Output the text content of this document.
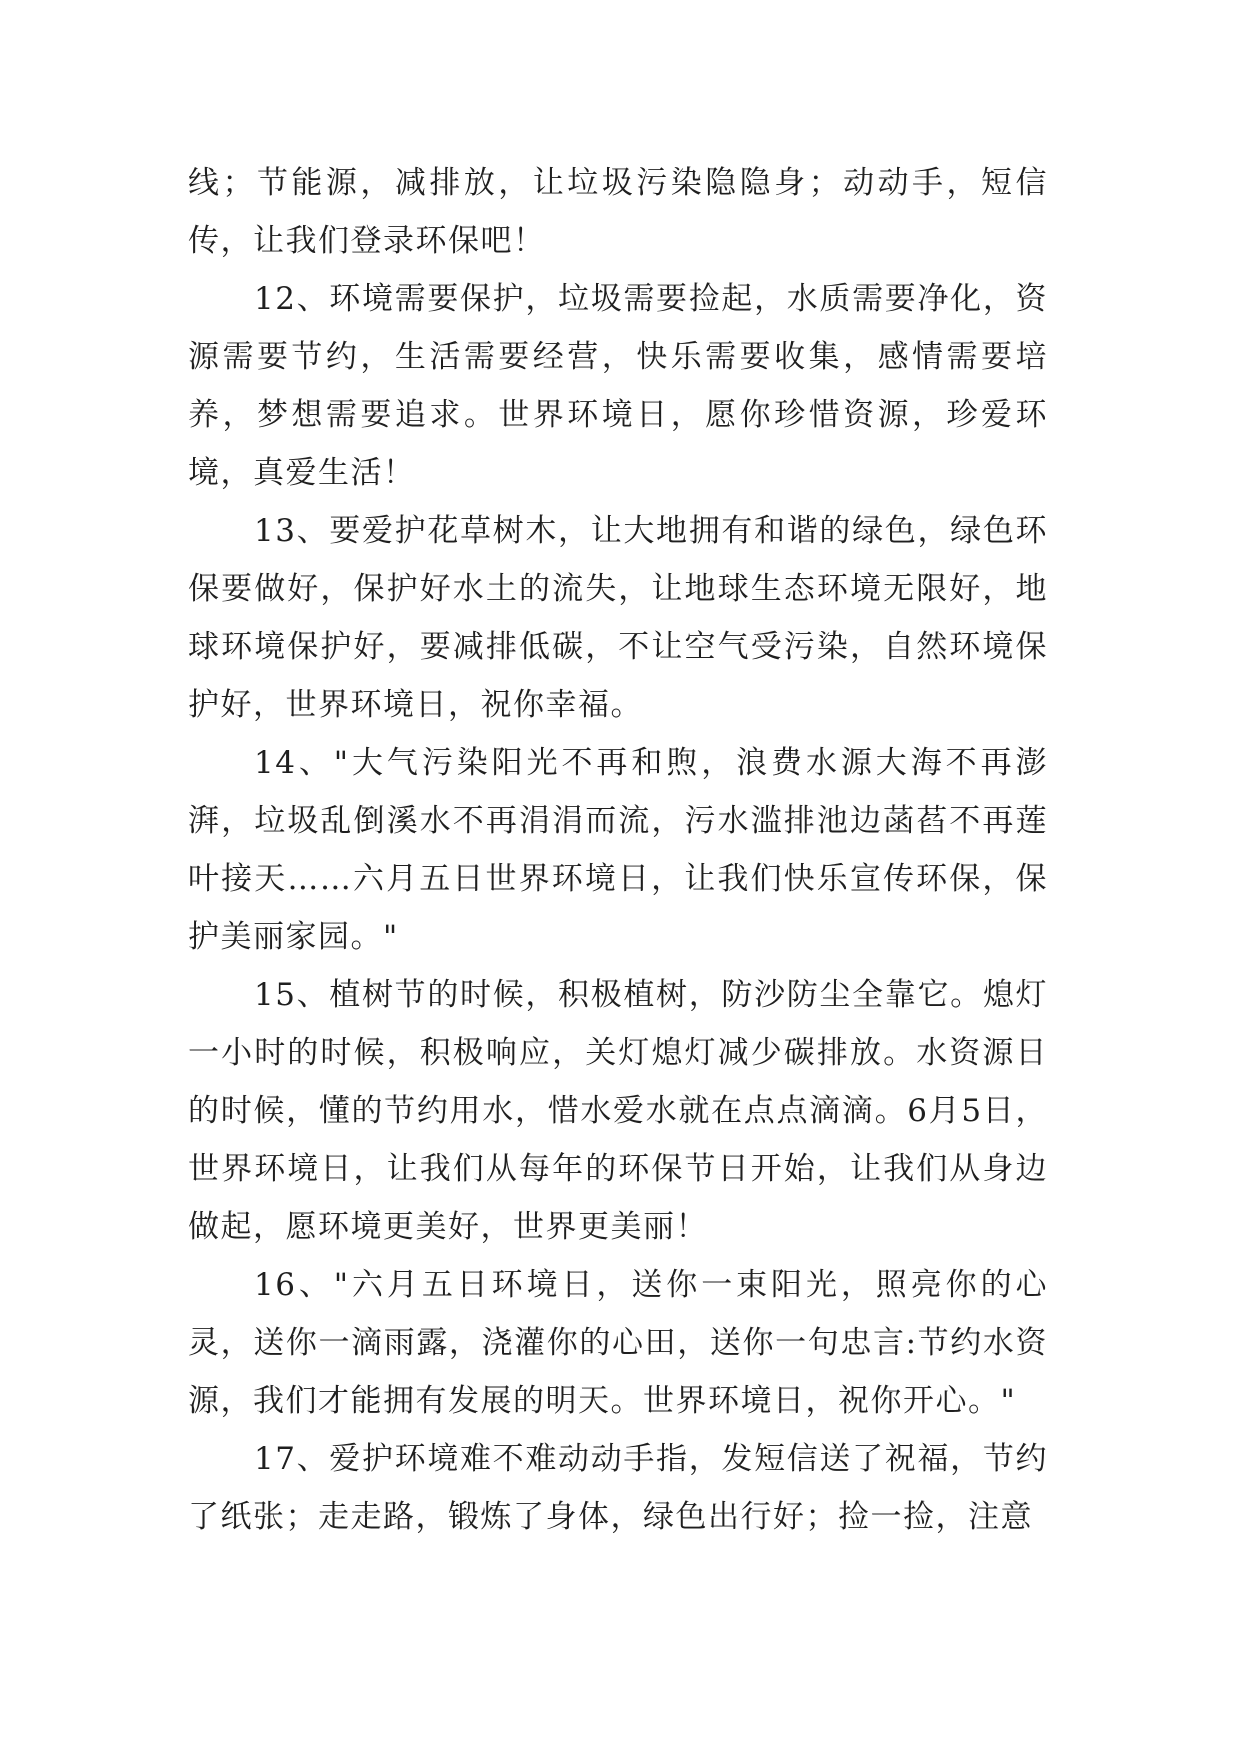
线；节能源，减排放，让垃圾污染隐隐身；动动手，短信传，让我们登录环保吧！

12、环境需要保护，垃圾需要捡起，水质需要净化，资源需要节约，生活需要经营，快乐需要收集，感情需要培养，梦想需要追求。世界环境日，愿你珍惜资源，珍爱环境，真爱生活！

13、要爱护花草树木，让大地拥有和谐的绿色，绿色环保要做好，保护好水土的流失，让地球生态环境无限好，地球环境保护好，要减排低碳，不让空气受污染，自然环境保护好，世界环境日，祝你幸福。

14、"大气污染阳光不再和煦，浪费水源大海不再澎湃，垃圾乱倒溪水不再涓涓而流，污水滥排池边菡萏不再莲叶接天……六月五日世界环境日，让我们快乐宣传环保，保护美丽家园。"

15、植树节的时候，积极植树，防沙防尘全靠它。熄灯一小时的时候，积极响应，关灯熄灯减少碳排放。水资源日的时候，懂的节约用水，惜水爱水就在点点滴滴。6月5日，世界环境日，让我们从每年的环保节日开始，让我们从身边做起，愿环境更美好，世界更美丽！

16、"六月五日环境日，送你一束阳光，照亮你的心灵，送你一滴雨露，浇灌你的心田，送你一句忠言:节约水资源，我们才能拥有发展的明天。世界环境日，祝你开心。"

17、爱护环境难不难动动手指，发短信送了祝福，节约了纸张；走走路，锻炼了身体，绿色出行好；捡一捡，注意
